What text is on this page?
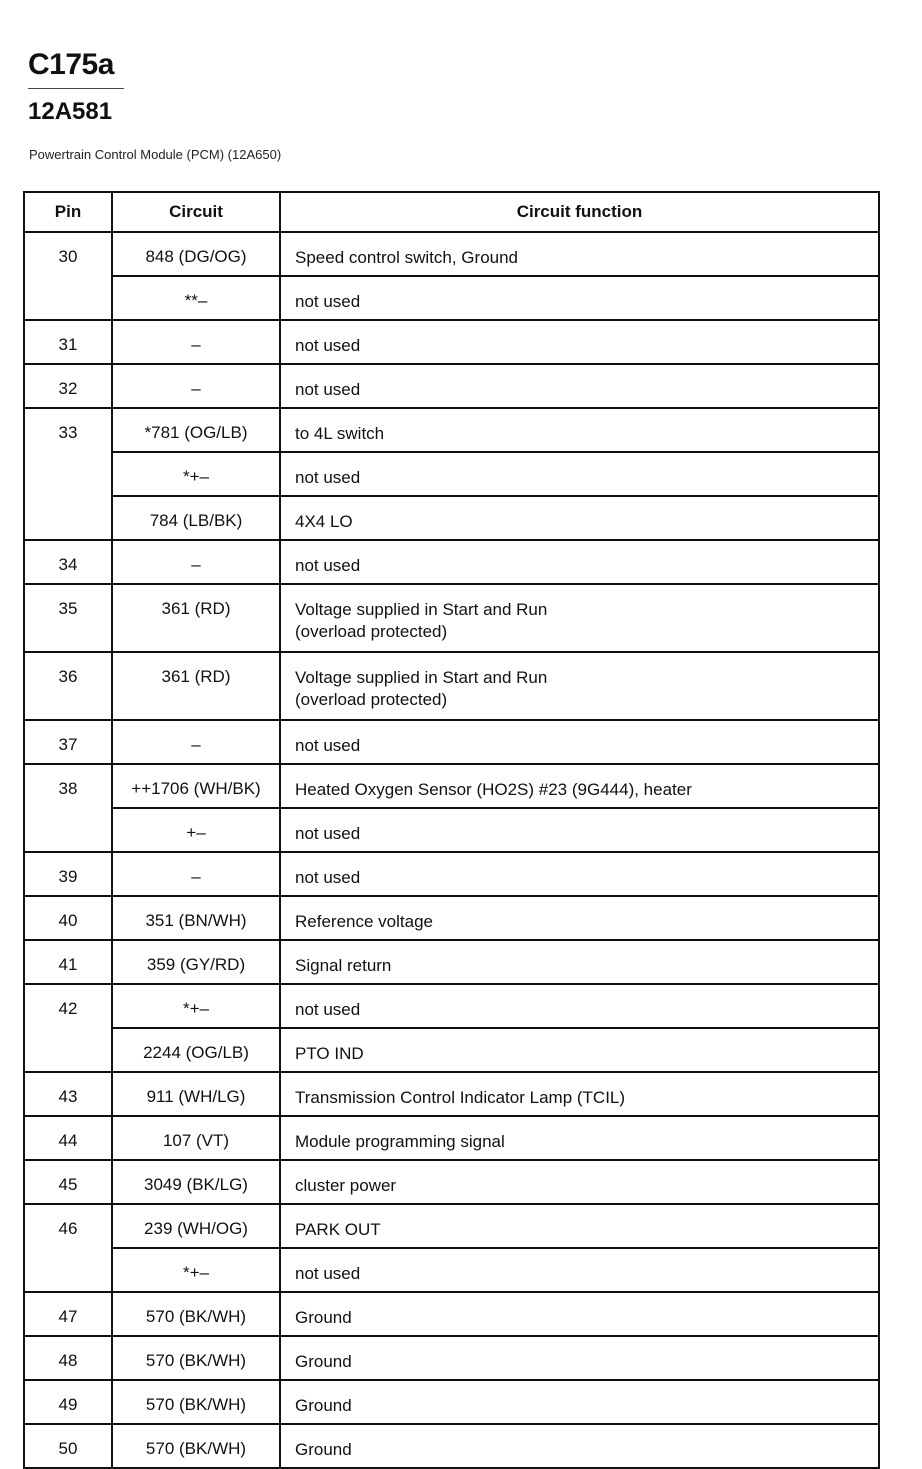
C175a
12A581
Powertrain Control Module (PCM) (12A650)
Pin	Circuit	Circuit function
30	848 (DG/OG)	Speed control switch, Ground
	**–	not used
31	–	not used
32	–	not used
33	*781 (OG/LB)	to 4L switch
	*+–	not used
	784 (LB/BK)	4X4 LO
34	–	not used
35	361 (RD)	Voltage supplied in Start and Run
(overload protected)

36	361 (RD)	Voltage supplied in Start and Run
(overload protected)

37	–	not used
38	++1706 (WH/BK)	Heated Oxygen Sensor (HO2S) #23 (9G444), heater
	+–	not used
39	–	not used
40	351 (BN/WH)	Reference voltage
41	359 (GY/RD)	Signal return
42	*+–	not used
	2244 (OG/LB)	PTO IND
43	911 (WH/LG)	Transmission Control Indicator Lamp (TCIL)
44	107 (VT)	Module programming signal
45	3049 (BK/LG)	cluster power
46	239 (WH/OG)	PARK OUT
	*+–	not used
47	570 (BK/WH)	Ground
48	570 (BK/WH)	Ground
49	570 (BK/WH)	Ground
50	570 (BK/WH)	Ground
